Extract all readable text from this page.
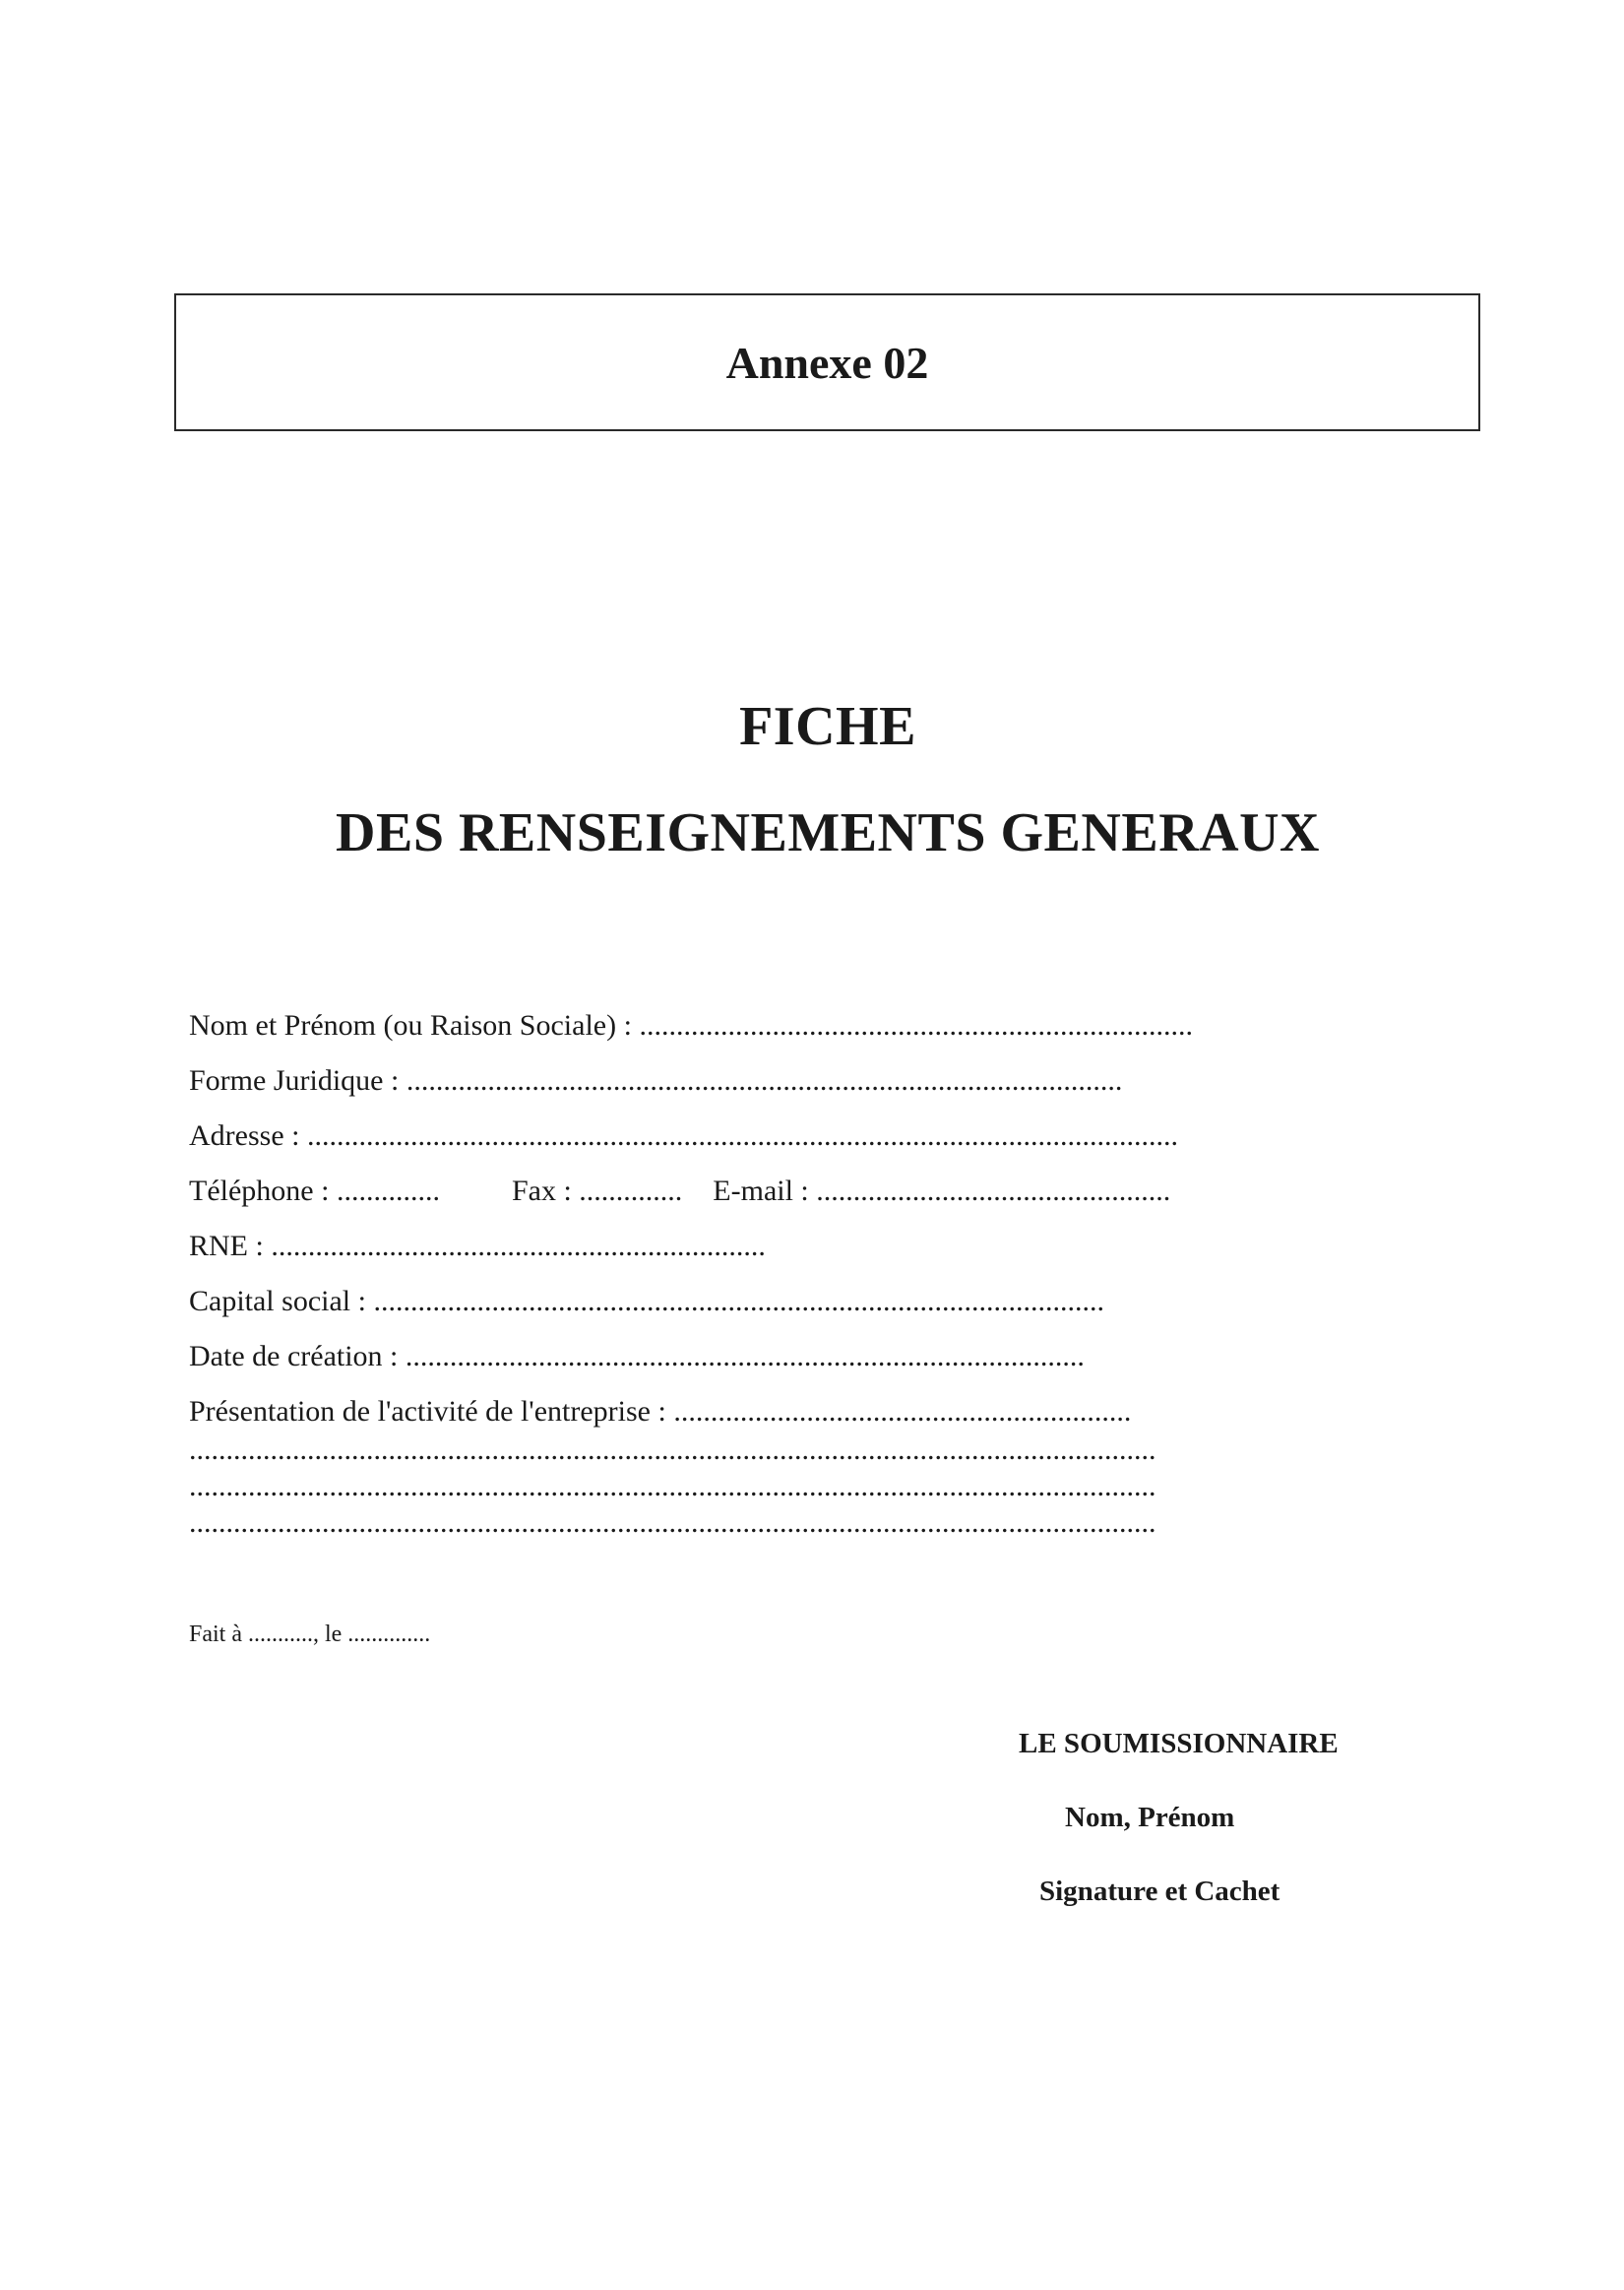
Annexe 02
FICHE
DES RENSEIGNEMENTS GENERAUX
Nom et Prénom (ou Raison Sociale) : ...........................................................................
Forme Juridique : .................................................................................................
Adresse : ......................................................................................................................
Téléphone : .............. Fax : .............. E-mail : ................................................
RNE : ...................................................................
Capital social : ...................................................................................................
Date de création : ............................................................................................
Présentation de l'activité de l'entreprise : ..............................................................
...................................................................................................................................
...................................................................................................................................
...................................................................................................................................
Fait à ..........., le ..............
LE SOUMISSIONNAIRE
Nom, Prénom
Signature et Cachet
